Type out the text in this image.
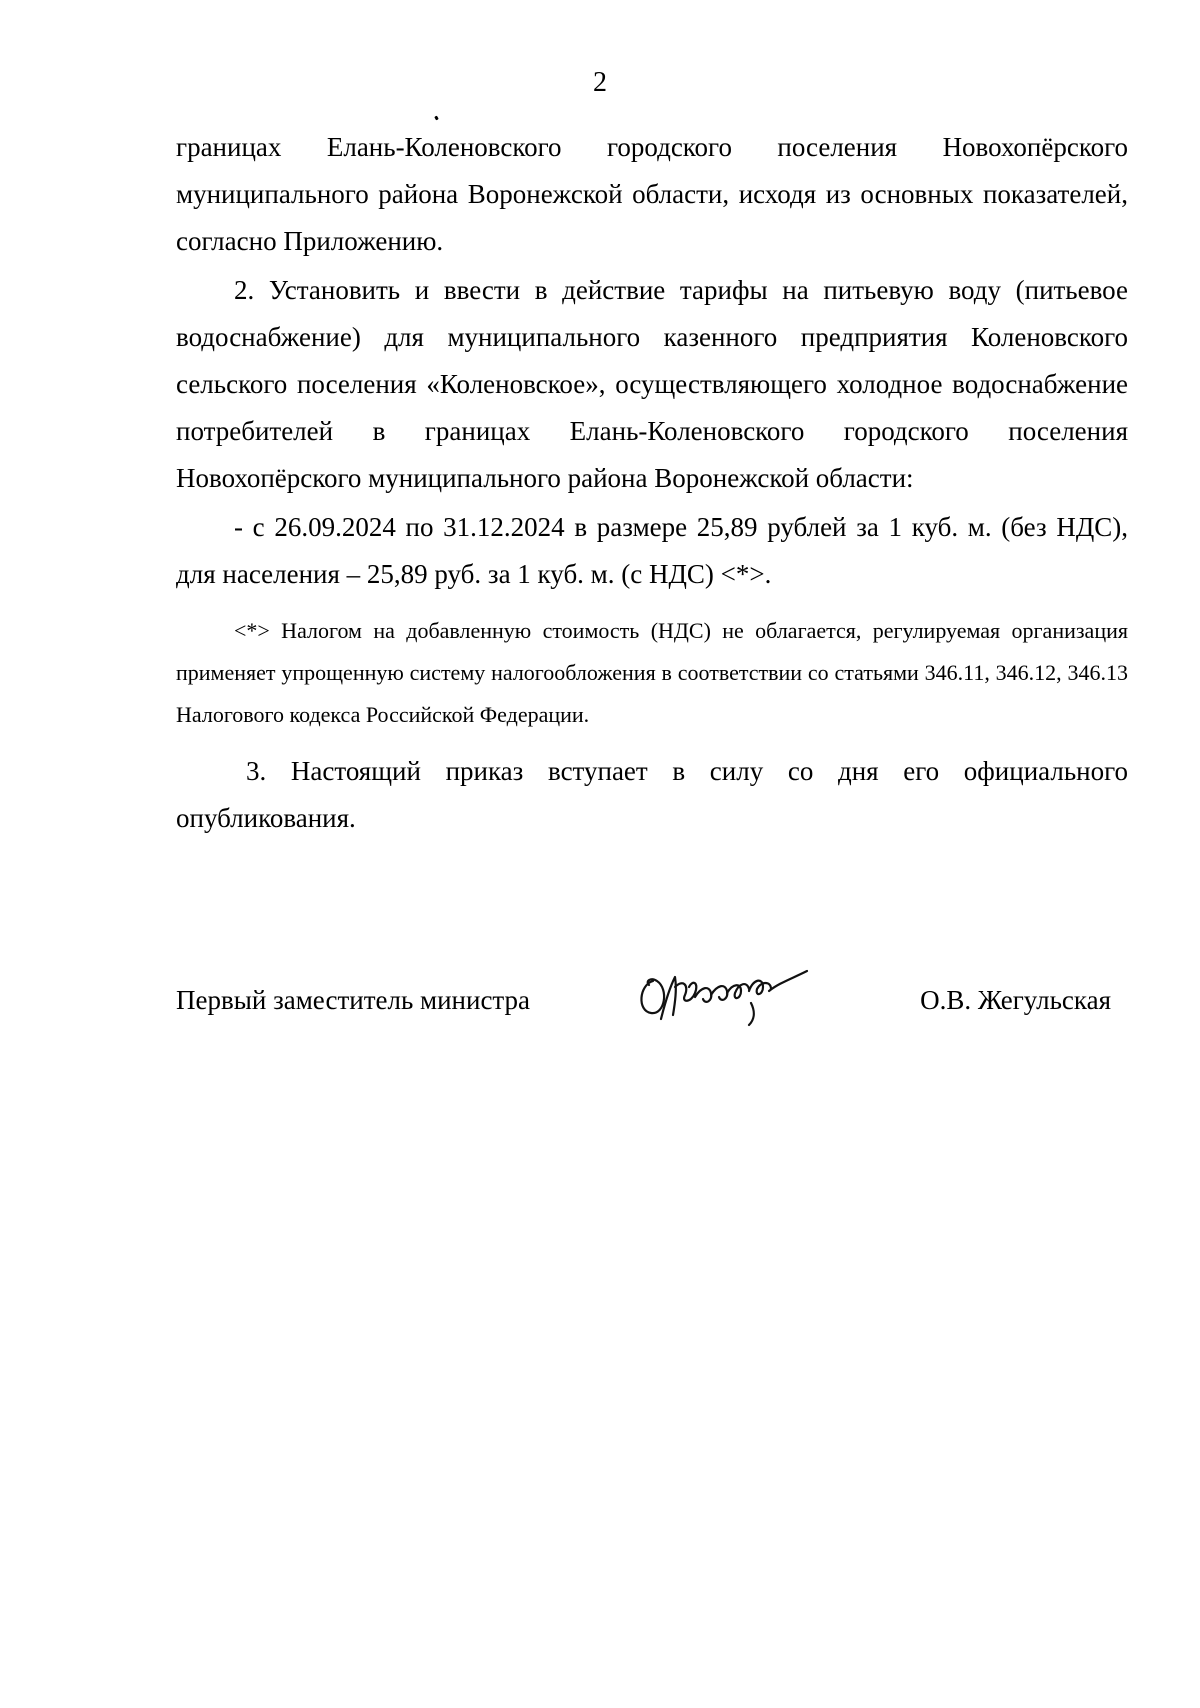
2

границах Елань-Коленовского городского поселения Новохопёрского муниципального района Воронежской области, исходя из основных показателей, согласно Приложению.

2. Установить и ввести в действие тарифы на питьевую воду (питьевое водоснабжение) для муниципального казенного предприятия Коленовского сельского поселения «Коленовское», осуществляющего холодное водоснабжение потребителей в границах Елань-Коленовского городского поселения Новохопёрского муниципального района Воронежской области:

- с 26.09.2024 по 31.12.2024 в размере 25,89 рублей за 1 куб. м. (без НДС), для населения – 25,89 руб. за 1 куб. м. (с НДС) <*>.

<*> Налогом на добавленную стоимость (НДС) не облагается, регулируемая организация применяет упрощенную систему налогообложения в соответствии со статьями 346.11, 346.12, 346.13 Налогового кодекса Российской Федерации.

3. Настоящий приказ вступает в силу со дня его официального опубликования.

Первый заместитель министра	О.В. Жегульская
